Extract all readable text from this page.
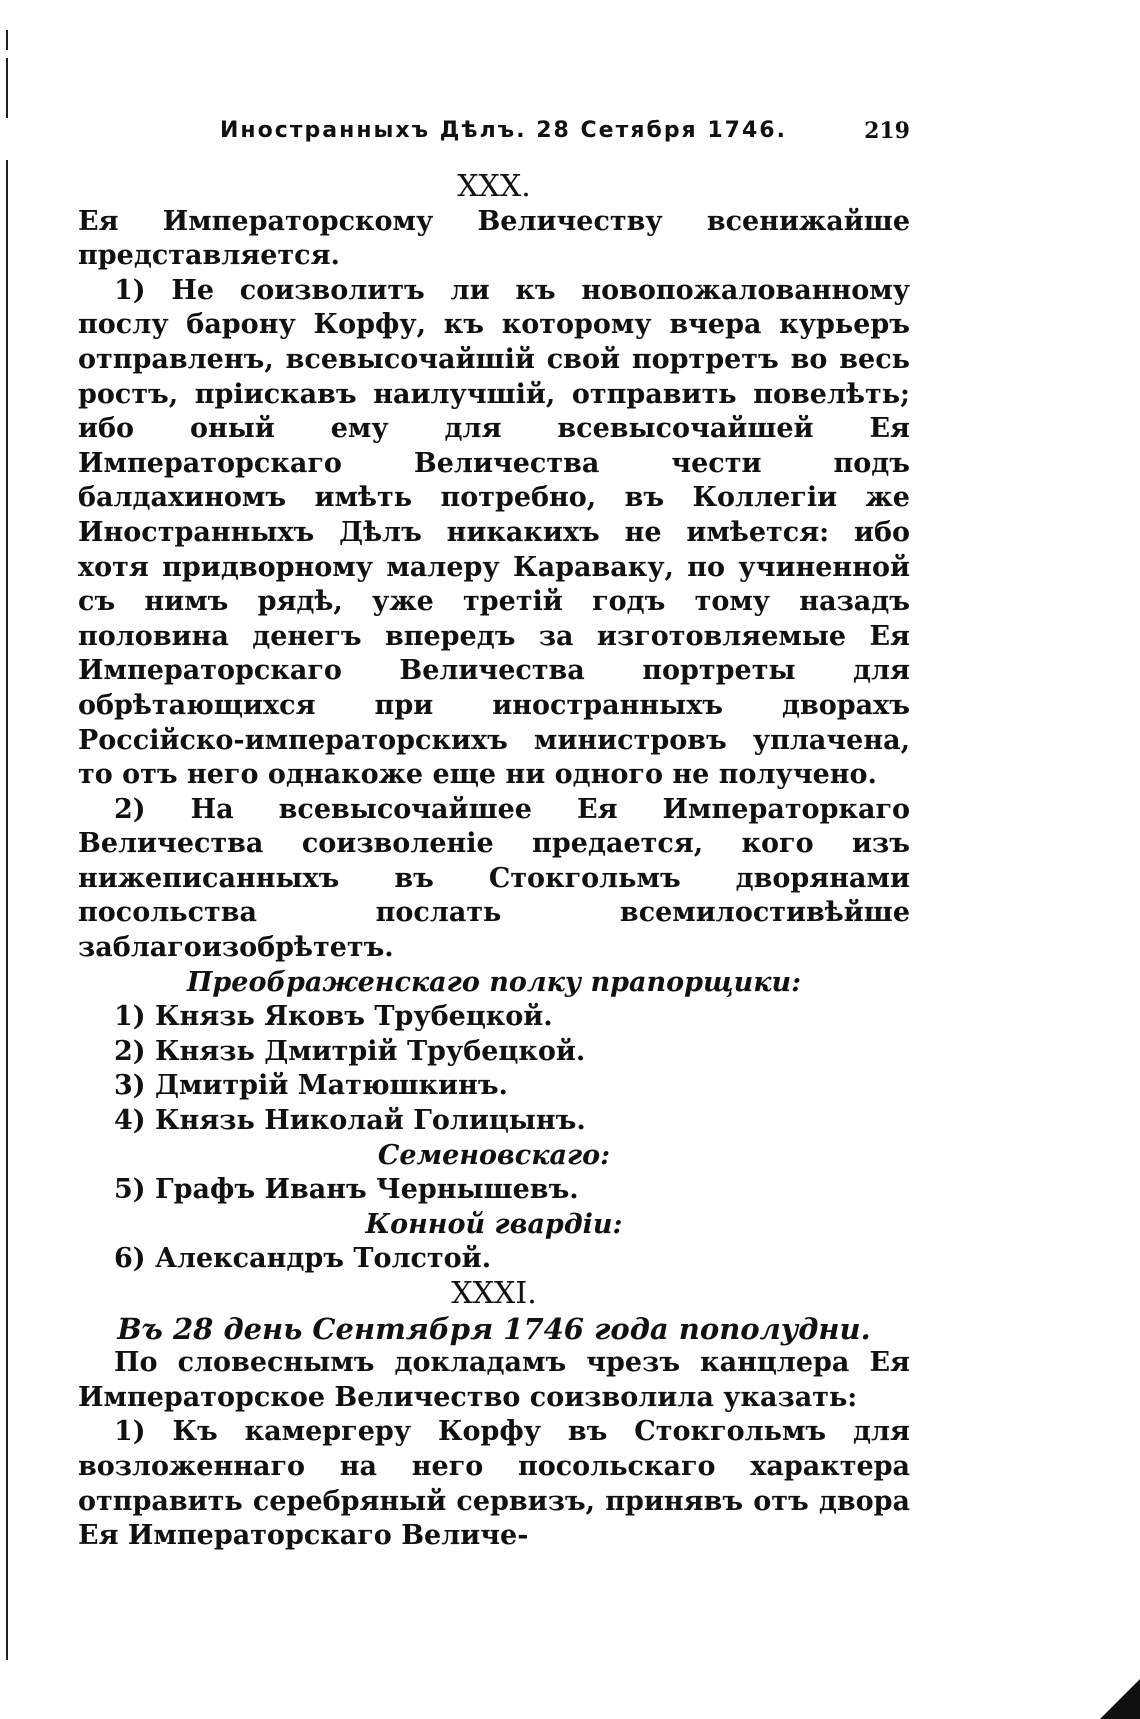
Иностранныхъ Дѣлъ. 28 Сетября 1746.	219

XXX.

Ея Императорскому Величеству всенижайше представляется.

1) Не соизволитъ ли къ новопожалованному послу барону Корфу, къ которому вчера курьеръ отправленъ, всевысочайшій свой портретъ во весь ростъ, пріискавъ наилучшій, отправить повелѣть; ибо оный ему для всевысочайшей Ея Императорскаго Величества чести подъ балдахиномъ имѣть потребно, въ Коллегіи же Иностранныхъ Дѣлъ никакихъ не имѣется: ибо хотя придворному малеру Караваку, по учиненной съ нимъ рядѣ, уже третій годъ тому назадъ половина денегъ впередъ за изготовляемые Ея Императорскаго Величества портреты для обрѣтающихся при иностранныхъ дворахъ Россійско-императорскихъ министровъ уплачена, то отъ него однакоже еще ни одного не получено.

2) На всевысочайшее Ея Императоркаго Величества соизволеніе предается, кого изъ нижеписанныхъ въ Стокгольмъ дворянами посольства послать всемилостивѣйше заблагоизобрѣтетъ.

Преображенскаго полку прапорщики:

1) Князь Яковъ Трубецкой.

2) Князь Дмитрій Трубецкой.

3) Дмитрій Матюшкинъ.

4) Князь Николай Голицынъ.

Семеновскаго:

5) Графъ Иванъ Чернышевъ.

Конной гвардіи:

6) Александръ Толстой.

XXXI.

Въ 28 день Сентября 1746 года пополудни.

По словеснымъ докладамъ чрезъ канцлера Ея Императорское Величество соизволила указать:

1) Къ камергеру Корфу въ Стокгольмъ для возложеннаго на него посольскаго характера отправить серебряный сервизъ, принявъ отъ двора Ея Императорскаго Величе-
